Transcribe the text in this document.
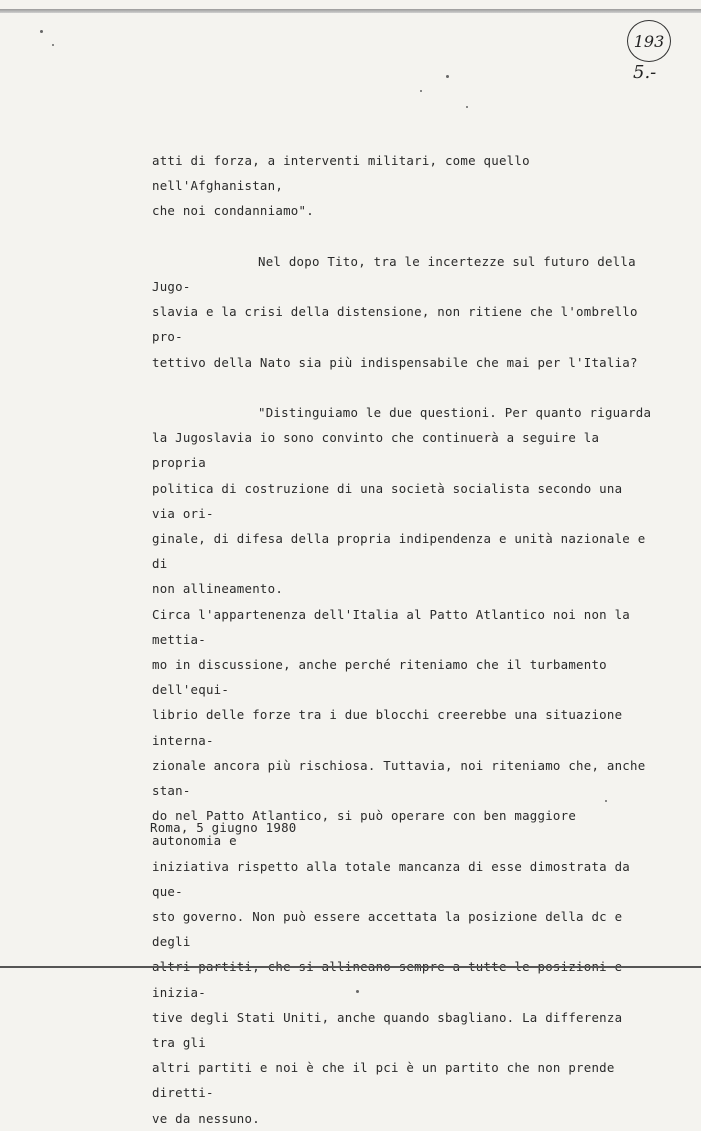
193
5.-

atti di forza, a interventi militari, come quello nell'Afghanistan,

che noi condanniamo".

Nel dopo Tito, tra le incertezze sul futuro della Jugo-

slavia e la crisi della distensione, non ritiene che l'ombrello pro-

tettivo della Nato sia più indispensabile che mai per l'Italia?

"Distinguiamo le due questioni. Per quanto riguarda

la Jugoslavia io sono convinto che continuerà a seguire la propria

politica di costruzione di una società socialista secondo una via ori-

ginale, di difesa della propria indipendenza e unità nazionale e di

non allineamento.

Circa l'appartenenza dell'Italia al Patto Atlantico noi non la mettia-

mo in discussione, anche perché riteniamo che il turbamento dell'equi-

librio delle forze tra i due blocchi creerebbe una situazione interna-

zionale ancora più rischiosa. Tuttavia, noi riteniamo che, anche stan-

do nel Patto Atlantico, si può operare con ben maggiore autonomia e

iniziativa rispetto alla totale mancanza di esse dimostrata da que-

sto governo. Non può essere accettata la posizione della dc e degli

inizia-

tive degli Stati Uniti, anche quando sbagliano. La differenza tra gli

altri partiti e noi è che il pci è un partito che non prende diretti-

ve da nessuno.

Roma, 5 giugno 1980
